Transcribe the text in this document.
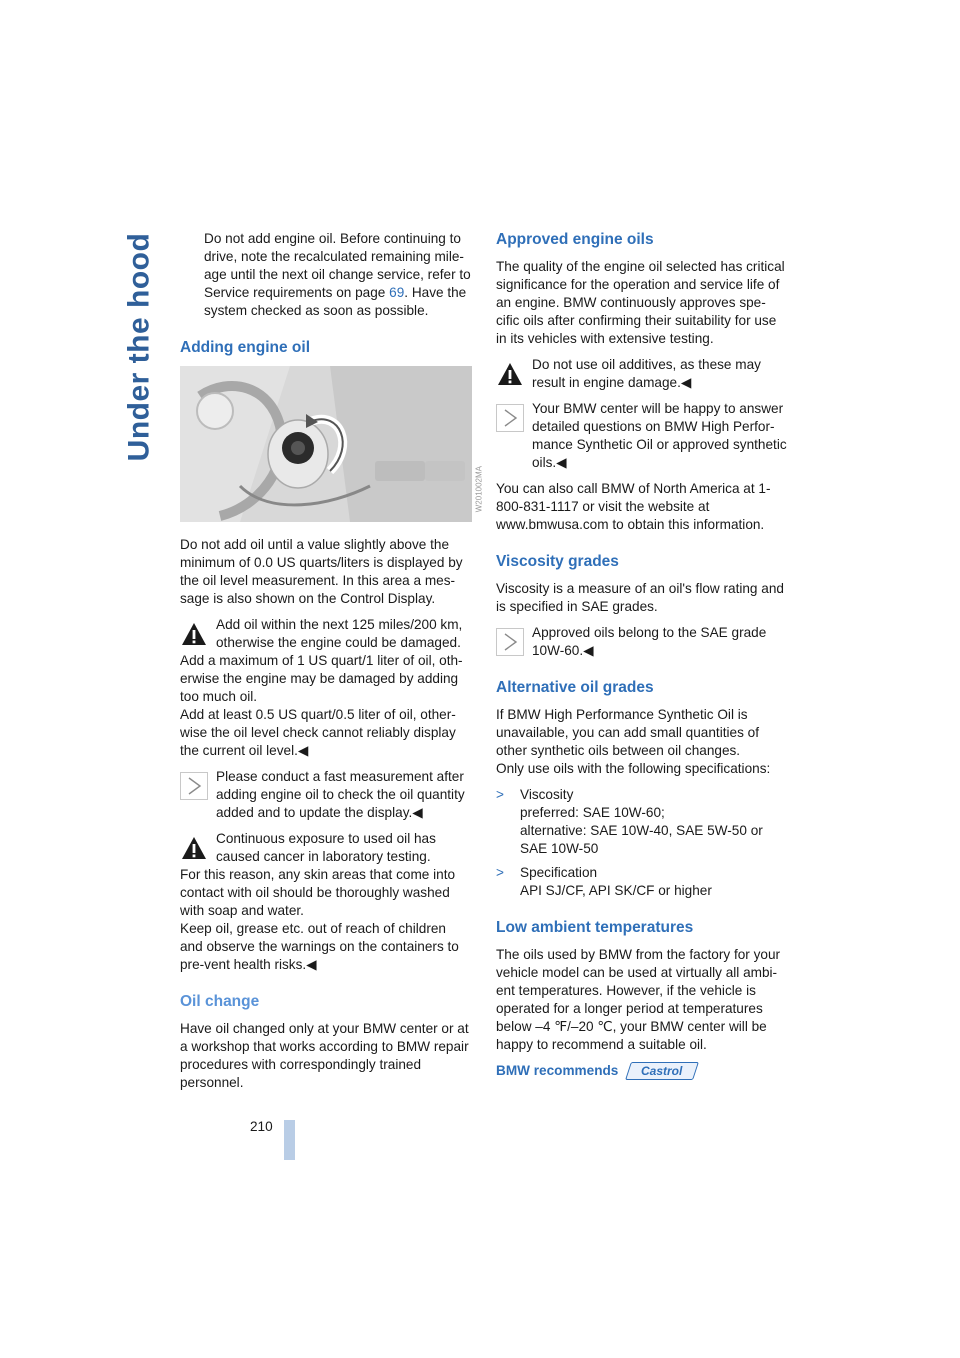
Under the hood
210

Do not add engine oil. Before continuing to drive, note the recalculated remaining mile-age until the next oil change service, refer to Service requirements on page 69. Have the system checked as soon as possible.

Adding engine oil
W201002MA

Do not add oil until a value slightly above the minimum of 0.0 US quarts/liters is displayed by the oil level measurement. In this area a mes-sage is also shown on the Control Display.

Add oil within the next 125 miles/200 km, otherwise the engine could be damaged.
Add a maximum of 1 US quart/1 liter of oil, oth-erwise the engine may be damaged by adding too much oil.
Add at least 0.5 US quart/0.5 liter of oil, other-wise the oil level check cannot reliably display the current oil level.◀
Please conduct a fast measurement after adding engine oil to check the oil quantity added and to update the display.◀
Continuous exposure to used oil has caused cancer in laboratory testing.
For this reason, any skin areas that come into contact with oil should be thoroughly washed with soap and water.
Keep oil, grease etc. out of reach of children and observe the warnings on the containers to pre-vent health risks.◀
Oil change

Have oil changed only at your BMW center or at a workshop that works according to BMW repair procedures with correspondingly trained personnel.

Approved engine oils

The quality of the engine oil selected has critical significance for the operation and service life of an engine. BMW continuously approves spe-cific oils after confirming their suitability for use in its vehicles with extensive testing.

Do not use oil additives, as these may result in engine damage.◀
Your BMW center will be happy to answer detailed questions on BMW High Perfor-mance Synthetic Oil or approved synthetic oils.◀

You can also call BMW of North America at 1-800-831-1117 or visit the website at www.bmwusa.com to obtain this information.

Viscosity grades

Viscosity is a measure of an oil's flow rating and is specified in SAE grades.

Approved oils belong to the SAE grade 10W-60.◀
Alternative oil grades

If BMW High Performance Synthetic Oil is unavailable, you can add small quantities of other synthetic oils between oil changes.

Only use oils with the following specifications:

> Viscosity
preferred: SAE 10W-60;
alternative: SAE 10W-40, SAE 5W-50 or SAE 10W-50
> Specification
API SJ/CF, API SK/CF or higher
Low ambient temperatures

The oils used by BMW from the factory for your vehicle model can be used at virtually all ambi-ent temperatures. However, if the vehicle is operated for a longer period at temperatures below –4 ℉/–20 ℃, your BMW center will be happy to recommend a suitable oil.

BMW recommends Castrol
